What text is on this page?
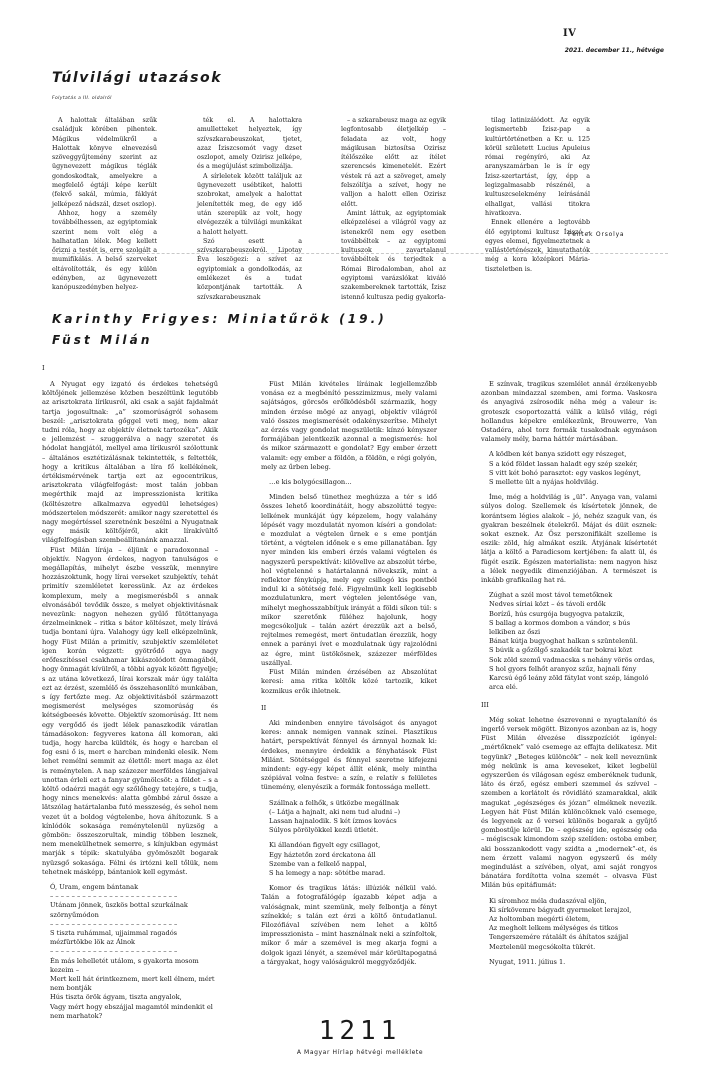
IV
2021. december 11., hétvége
Túlvilági utazások
Folytatás a III. oldalról

A halottak általában szűk családjuk körében pihentek. Mágikus védelmükről a Halottak könyve elnevezésű szöveggyűjtemény szerint az ügynevezett mágikus téglák gondoskodtak, amelyekre a megfelelő égtáji képe került (fekvő sakál, múmia, fáklyát jelképező nádszál, dzset oszlop).

Ahhoz, hogy a személy továbbélhessen, az egyiptomiak szerint nem volt elég a halhatatlan lélek. Meg kellett őrizni a testét is, erre szolgált a mumifikálás. A belső szerveket eltávolították, és egy külön edényben, az ügynevezett kanópuszedényben helyez-

ték el. A halottakra amulletteket helyeztek, így szívszkarabeuszokat, tjetet, azaz Íziszcsomót vagy dzset oszlopot, amely Ozirisz jelképe, és a megújulást szimbolizálja.

A sírleletek között találjuk az ügynevezett usébtiket, halotti szobrokat, amelyek a halottat jelenítették meg, de egy idő után szerepük az volt, hogy elvégezzék a túlvilági munkákat a halott helyett.

Szó esett a szívszkarabeuszokról. Lipotay Éva leszögezi: a szívet az egyiptomiak a gondolkodás, az emlékezet és a tudat központjának tartották. A szívszkarabeusznak

– a szkarabeusz maga az egyik legfontosabb életjelkép – feladata az volt, hogy mágikusan biztosítsa Ozirisz ítélőszéke előtt az ítélet szerencsés kimenetelét. Ezért véstek rá azt a szöveget, amely felszólítja a szívet, hogy ne valljon a halott ellen Ozirisz előtt.

Amint láttuk, az egyiptomiak elképzelései a világról vagy az istenekről nem egy esetben továbbéltek – az egyiptomi kultuszok zavartalanul továbbéltek és terjedtek a Római Birodalomban, ahol az egyiptomi varázslókat kiváló szakembereknek tartották, Ízisz istennő kultusza pedig gyakorla-

tilag latinizálódott. Az egyik legismertebb Ízisz-pap a kultúrtörténetben a Kr. u. 125 körül született Lucius Apuleius római regényíró, aki Az aranyszamárban le is ír egy Ízisz-szertartást, így, épp a legizgalmasabb részénél, a kultuszcselekmény leírásánál elhallgat, vallási titokra hivatkozva.

Ennek ellenére a legtovább élő egyiptomi kultusz Íziszé – egyes elemei, figyelmeztetnek a vallástörténészek, kimutathatók még a kora középkori Mária-tiszteletben is.

Péntek Orsolya
Karinthy Frigyes: Miniatűrök (19.)
Füst Milán
I

A Nyugat egy izgató és érdekes tehetségű költőjének jellemzése közben beszéltünk legutóbb az arisztokrata lírikusról, aki csak a saját fajdalmát tartja jogosultnak: „a” szomorúságról sohasem beszél: „arisztokrata gőggel veti meg, nem akar tudni róla, hogy az objektív életnek tartozéka”. Akik e jellemzést – szuggerálva a nagy szeretet és hódolat hangjától, mellyel ama lírikusról szólottunk – általános esztétizálásnak tekintették, s feltették, hogy a kritikus általában a líra fő kellékének, értékismérvének tartja ezt az egocentrikus, arisztokrata világfelfogást: most talán jobban megérthik majd az impresszionista kritika (költészetre alkalmazva egyedül lehetséges) módszertelen módszerét: amikor nagy szeretettel és nagy megértéssel szeretnénk beszélni a Nyugatnak egy másik költőjéről, akit lírakívültő világfelfogásban szembeállítanánk amazzal.

Füst Milán lírája – éljünk e paradoxonnal – objektív. Nagyon érdekes, nagyon tanulságos e megállapítás, mihelyt észbe vesszük, mennyire hozzászoktunk, hogy lírai verseket szubjektív, tehát primitív szemléletet keressünk. Az az érdekes komplexum, mely a megismerésből s annak elvonásából tevődik össze, s melyet objektivitásnak nevezünk: nagyon nehezen gyűlő fűtöttanyaga érzelmeinknek – ritka s bátor költészet, mely lírává tudja bontani újra. Valahogy úgy kell elképzelnünk, hogy Füst Milán a primitív, szubjektív szemléletet igen korán végzett: gyötrődő agya nagy erőfeszítéssel csakhamar kikászolódott önmagából, hogy önmagát kívülről, a többi agyak között figyelje; s az utána következő, lírai korszak már úgy találta ezt az érzést, szemlélő és összehasonlító munkában, s így fertőzte meg. Az objektivitásból származott megismerést melységes szomorúság és kétségbeesés követte. Objektív szomorúság. Itt nem egy vergődő és ijedt lélek panaszkodik váratlan támadásokon: fegyveres katona áll komoran, aki tudja, hogy harcba küldték, és hogy e harcban el fog esni ő is, mert e harcban mindenki elesik. Nem lehet remélni semmit az élettől: mert maga az élet is reménytelen. A nap százezer merföldes lángjaival unottan érleli ezt a fanyar gyümölcsöt: a földet – s a költő odaérzi magát egy szőlőhegy tetejére, s tudja, hogy nincs menekvés: alatta gömbbé zárul össze a lätszólag határtalanba futó messzeség, és sehol nem vezet út a boldog végtelenbe, hova áhítozunk. S a kínlódók sokasága reménytelenül nyüzsög a gömbön: összeszorultak, mindig többen lesznek, nem menekülhetnek semerre, s kínjukban egymást marják s tépik: skatulyába gyömöszölt bogarak nyüzsgő sokasága. Félni és irtózni kell tőlük, nem tehetnek másképp, bántaniok kell egymást.

Ó, Uram, engem bántanak
– – – – – – – – – – – – – – – – – – – – – – – –
Utánam jönnek, üszkös bottal szurkálnak szörnyűmódon
– – – – – – – – – – – – – – – – – – – – – – – –
S tiszta ruhámmal, ujjaimmal ragadós mézfürtökbe lök az Álnok
– – – – – – – – – – – – – – – – – – – – – – – –
Én más lehelletét utálom, s gyakorta mosom kezeim –
Mert kell hát érintkeznem, mert kell élnem, mért nem bontják
Hús tiszta örök ágyam, tiszta angyalok,
Vagy mért hogy ebszájjal magamtól mindenkit el nem marhatok?

Füst Milán kivételes líráinak legjellemzőbb vonása ez a megbénító pesszimizmus, mely valami sajátságos, görcsös erőlködésből származik, hogy minden érzése mögé az anyagi, objektív világról való összes megismerését odakényszerítse. Mihelyt az érzés vagy gondolat megszületik: kínzó kényszer formájában jelentkezik azonnal a megismerés: hol és mikor származott e gondolat? Egy ember érzett valamit: egy ember a földön, a földön, e régi golyón, mely az űrben lebeg.

…e kis bolygócsillagon…

Minden belső tünethez meghúzza a tér s idő összes lehető koordinátáit, hogy abszolútté tegye: lelkének munkáját úgy képzelem, hogy valahány lépését vagy mozdulatát nyomon kíséri a gondolat: e mozdulat a végtelen űrnek e s eme pontján történt, a végtelen időnek e s eme pillanatában. Így nyer minden kis emberi érzés valami végtelen és nagyszerű perspektívát: kilövellve az abszolút térbe, hol végtelenné s határtalanná növekszik, mint a reflektor fénykúpja, mely egy csillogó kis pontból indul ki a sötétség felé. Figyelmünk kell legkisebb mozdulatunkra, mert végtelen jelentősége van, mihelyt meghosszabbítjuk irányát a földi síkon túl: s mikor szeretőnk füléhez hajolunk, hogy megcsókoljuk – talán azért érezzük azt a belső, rejtelmes remegést, mert öntudatlan érezzük, hogy ennek a parányi ívet e mozdulatnak úgy rajzolódni az égre, mint üstökösnek, százezer mérföldes uszállyal.

Füst Milán minden érzésében az Abszolútat keresi: ama ritka költők közé tartozik, kiket kozmikus erők ihletnek.

II

Aki mindenben ennyire távolságot és anyagot keres: annak nemigen vannak színei. Plasztikus határt, perspektívát fénnyel és árnnyal hoznak ki: érdekes, mennyire érdeklik a fényhatások Füst Milánt. Sötétséggel és fénnyel szeretne kifejezni mindent: egy-egy képet állít elénk, mely mintha szépiával volna festve: a szín, e relatív s felületes tünemény, elenyészik a formák fontossága mellett.

Szállnak a felhők, s ütközbe megállnak
(– Látja a hajnalt, aki nem tud aludni –)
Lassan hajnalodik. S két ízmos kovács
Súlyos pörölyökkel kezdi ütletét.

Ki állandóan figyelt egy csillagot,
Egy háztetőn zord érckatona áll
Szembe van a felkelő nappal,
S ha lemegy a nap: sötétbe marad.

Komor és tragikus látás: illúziók nélkül való. Talán a fotografálógép ígazabb képet adja a valóságnak, mint szemünk, mely felbontja a fényt színekké; s talán ezt érzi a költő öntudatlanul. Filozófiával szívében nem lehet a költő impresszionista – mint használnak neki a színfoltok, mikor ő már a szemével is meg akarja fogni a dolgok igazi lényét, a szemével már körültapogatná a tárgyakat, hogy valóságukról meggyőződjék.

E színvak, tragikus szemlélet annál érzékenyebb azonban mindazzal szemben, ami forma. Vaskosra és anyagivá zsírosodik néha még a valeur is: groteszk csoportozattá válik a külső világ, régi hollandus képekre emlékezünk, Brouwerre, Van Ostadéra, ahol torz formák tusakodnak egymáson valamely mély, barna háttér mártásában.

A ködben két banya szidott egy részeget,
S a kód földet lassan haladt egy szép szekér,
S vitt két bohó parasztot: egy vaskos legényt,
S mellette ült a nyájas holdvilág.

Íme, még a holdvilág is „ül”. Anyaga van, valami súlyos dolog. Szellemek és kísértetek jönnek, de korántsem légies alakok – jó, nehéz szaguk van, és gyakran beszélnek ételekről. Májat és düit esznek: sokat esznek. Az Ősz perszonifikált szelleme is eszik: zöld, híg almákat eszik. Átyjának kísértetét látja a költő a Paradicsom kertjében: fa alatt ül, és fügét eszik. Égészen materialista: nem nagyon hisz a lélek negyedik dimenziójában. A természet is inkább grafikailag hat rá.

Zúghat a szél most távol temetőknek
Nedves síriai közt – és távoli erdők
Borízű, hús csurgója bugyogva patakzik,
S ballag a kormos dombon a vándor, s bús lelkiben az őszi
Bánat kútja bugyoghat halkan s szüntelenül.
S búvik a gőzölgő szakadék tar bokrai közt
Sok zöld szemű vadmacska s nehány vörös ordas,
S hol gyors felhőt aranyoz szűz, hajnali fény
Karcsú égő leány zöld fátylat vont szép, lángoló arca elé.

III

Még sokat lehetne észrevenni e nyugtalanító és ingerlő versek mögött. Bizonyos azonban az is, hogy Füst Milán élvezése disszpozíciót igényel: „mértőknek” való csemege az effajta delikatesz. Mit tegyünk? „Beteges különcök” – nek kell neveznünk még nekünk is ama keveseket, kiket legbelül egyszerűen és világosan egész emberéknek tudunk, láto és érző, egész emberi szemmel és szívvel – szemben a korlátolt és rövidlátó szamarakkal, akik magukat „egészséges és józan” elméknek nevezik. Legyen hát Füst Milán különcöknek való csemege, és legyenek az ő versei különös bogarak a gyűjtő gombostűje körül. De – egészség ide, egészség oda – mégiscsak kimondom szép szelíden: ostoba ember, aki bosszankodott vagy szidta a „modernek”-et, és nem érzett valami nagyon egyszerű és mély megindulást a szívében, olyat, ami saját rongyos bánatára fordította volna szemét – olvasva Füst Milán bús epitáfiumát:

Ki síromhoz méla dudaszóval eljön,
Ki sírkövemre bágyadt gyermeket lerajzol,
Az holtomban megérti életem,
Az megholt lelkem mélységes és titkos
Tengerszemére rátalált és áhítatos szájjal
Meztelenül megcsókolta tükrét.

Nyugat, 1911. július 1.

1211
A Magyar Hírlap hétvégi melléklete
